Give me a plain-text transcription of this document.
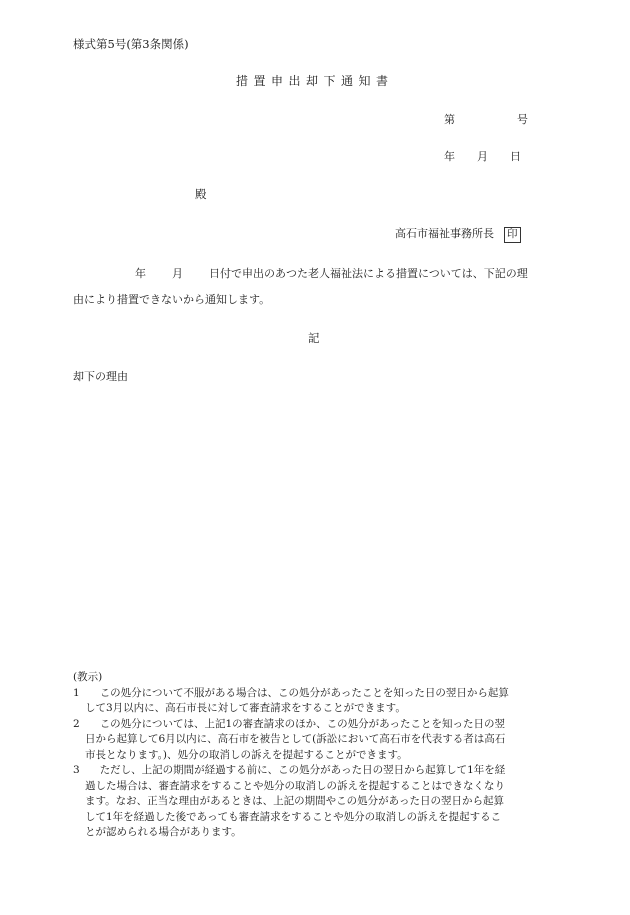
様式第5号(第3条関係)
措置申出却下通知書
第	号
年 月 日
殿
高石市福祉事務所長 印
年 月 日付で申出のあつた老人福祉法による措置については、下記の理
由により措置できないから通知します。
記
却下の理由
(教示)
1	この処分について不服がある場合は、この処分があったことを知った日の翌日から起算
して3月以内に、高石市長に対して審査請求をすることができます。
2	この処分については、上記1の審査請求のほか、この処分があったことを知った日の翌
日から起算して6月以内に、高石市を被告として(訴訟において高石市を代表する者は高石
市長となります。)、処分の取消しの訴えを提起することができます。
3	ただし、上記の期間が経過する前に、この処分があった日の翌日から起算して1年を経
過した場合は、審査請求をすることや処分の取消しの訴えを提起することはできなくなり
ます。なお、正当な理由があるときは、上記の期間やこの処分があった日の翌日から起算
して1年を経過した後であっても審査請求をすることや処分の取消しの訴えを提起するこ
とが認められる場合があります。
